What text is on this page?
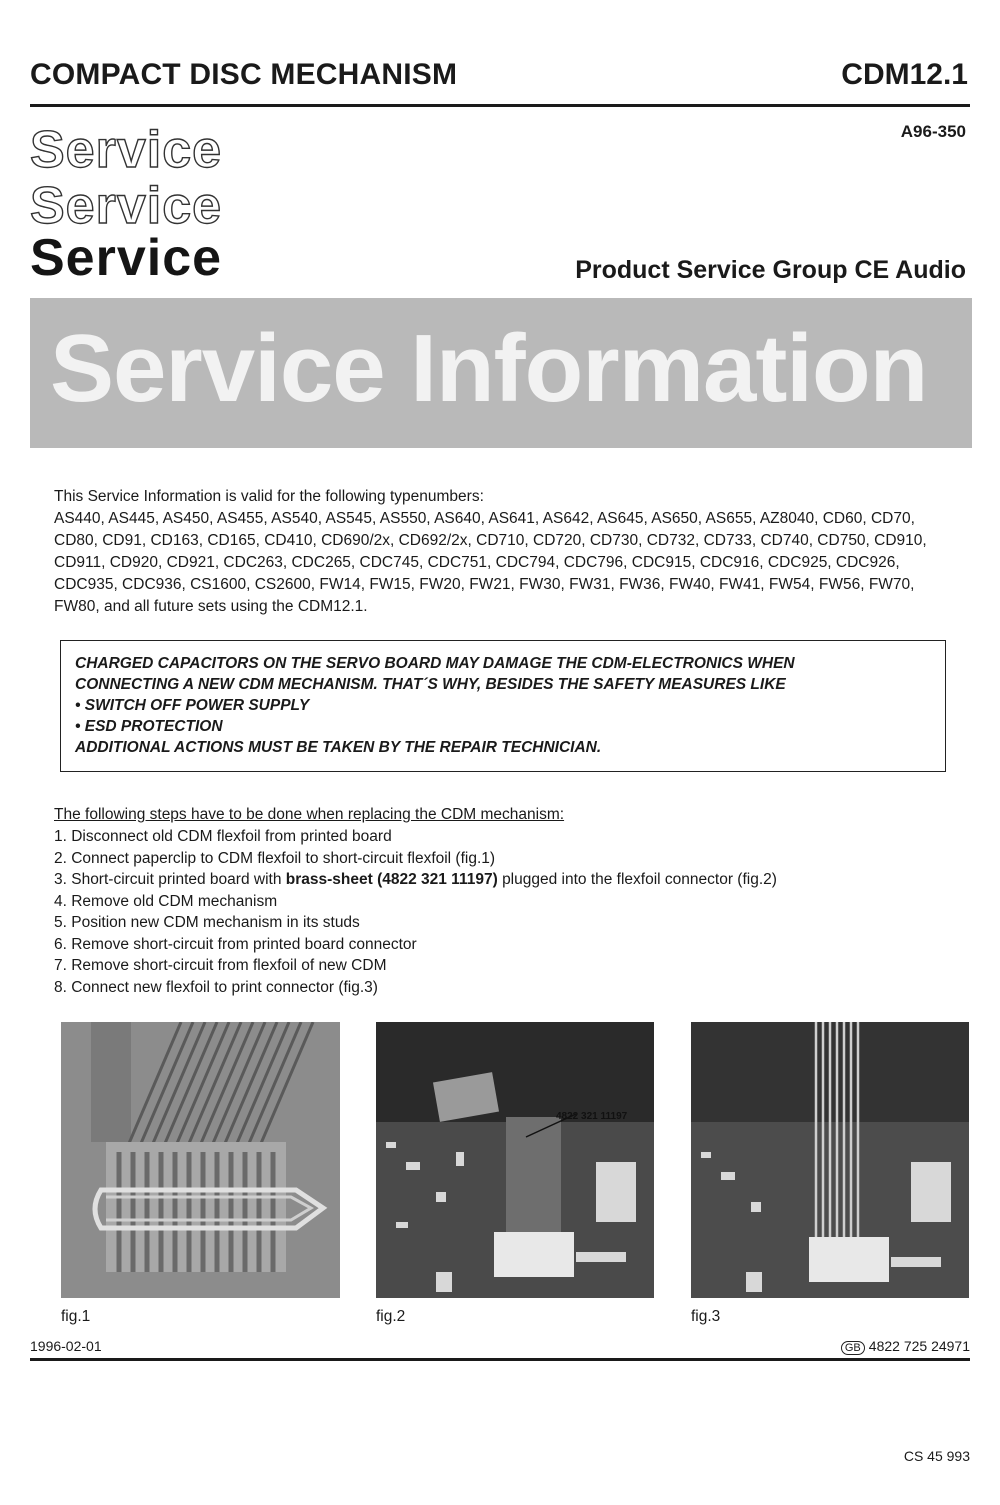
COMPACT DISC MECHANISM	CDM12.1
A96-350
Service
Service
Service	Product Service Group CE Audio
Service Information
This Service Information is valid for the following typenumbers:
AS440, AS445, AS450, AS455, AS540, AS545, AS550, AS640, AS641, AS642, AS645, AS650, AS655, AZ8040, CD60, CD70, CD80, CD91, CD163, CD165, CD410, CD690/2x, CD692/2x, CD710, CD720, CD730, CD732, CD733, CD740, CD750, CD910, CD911, CD920, CD921, CDC263, CDC265, CDC745, CDC751, CDC794, CDC796, CDC915, CDC916, CDC925, CDC926, CDC935, CDC936, CS1600, CS2600, FW14, FW15, FW20, FW21, FW30, FW31, FW36, FW40, FW41, FW54, FW56, FW70, FW80, and all future sets using the CDM12.1.
CHARGED CAPACITORS ON THE SERVO BOARD MAY DAMAGE THE CDM-ELECTRONICS WHEN
CONNECTING A NEW CDM MECHANISM. THAT´S WHY, BESIDES THE SAFETY MEASURES LIKE
• SWITCH OFF POWER SUPPLY
• ESD PROTECTION
ADDITIONAL ACTIONS MUST BE TAKEN BY THE REPAIR TECHNICIAN.
The following steps have to be done when replacing the CDM mechanism:
1. Disconnect old CDM flexfoil from printed board
2. Connect paperclip to CDM flexfoil to short-circuit flexfoil (fig.1)
3. Short-circuit printed board with brass-sheet (4822 321 11197) plugged into the flexfoil connector (fig.2)
4. Remove old CDM mechanism
5. Position new CDM mechanism in its studs
6. Remove short-circuit from printed board connector
7. Remove short-circuit from flexfoil of new CDM
8. Connect new flexfoil to print connector (fig.3)
4822 321 11197
fig.1	fig.2	fig.3
1996-02-01	GB 4822 725 24971
CS 45 993
